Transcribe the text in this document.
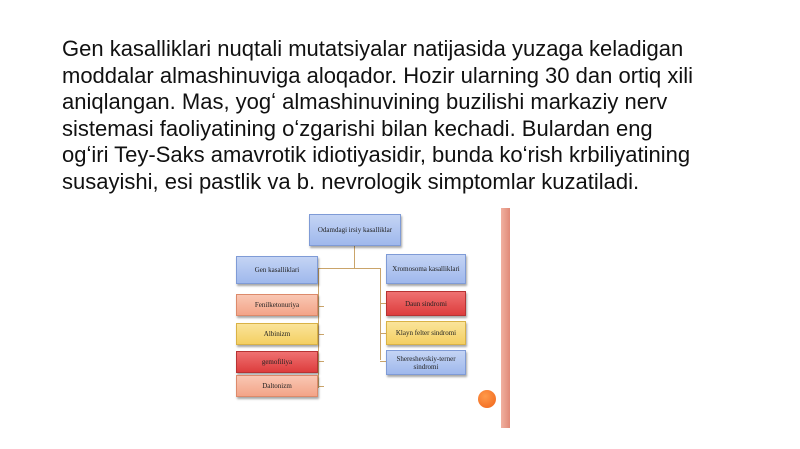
Gen kasalliklari nuqtali mutatsiyalar natijasida yuzaga keladigan
moddalar almashinuviga aloqador. Hozir ularning 30 dan ortiq xili
aniqlangan. Mas, yogʻ almashinuvining buzilishi markaziy nerv
sistemasi faoliyatining oʻzgarishi bilan kechadi. Bulardan eng
ogʻiri Tey-Saks amavrotik idiotiyasidir, bunda koʻrish krbiliyatining
susayishi, esi pastlik va b. nevrologik simptomlar kuzatiladi.
Odamdagi irsiy kasalliklar
Gen kasalliklari
Fenilketonuriya
Albinizm
gemofiliya
Daltonizm
Xromosoma kasalliklari
Daun sindromi
Klayn felter sindromi
Shereshevskiy-terner sindromi
